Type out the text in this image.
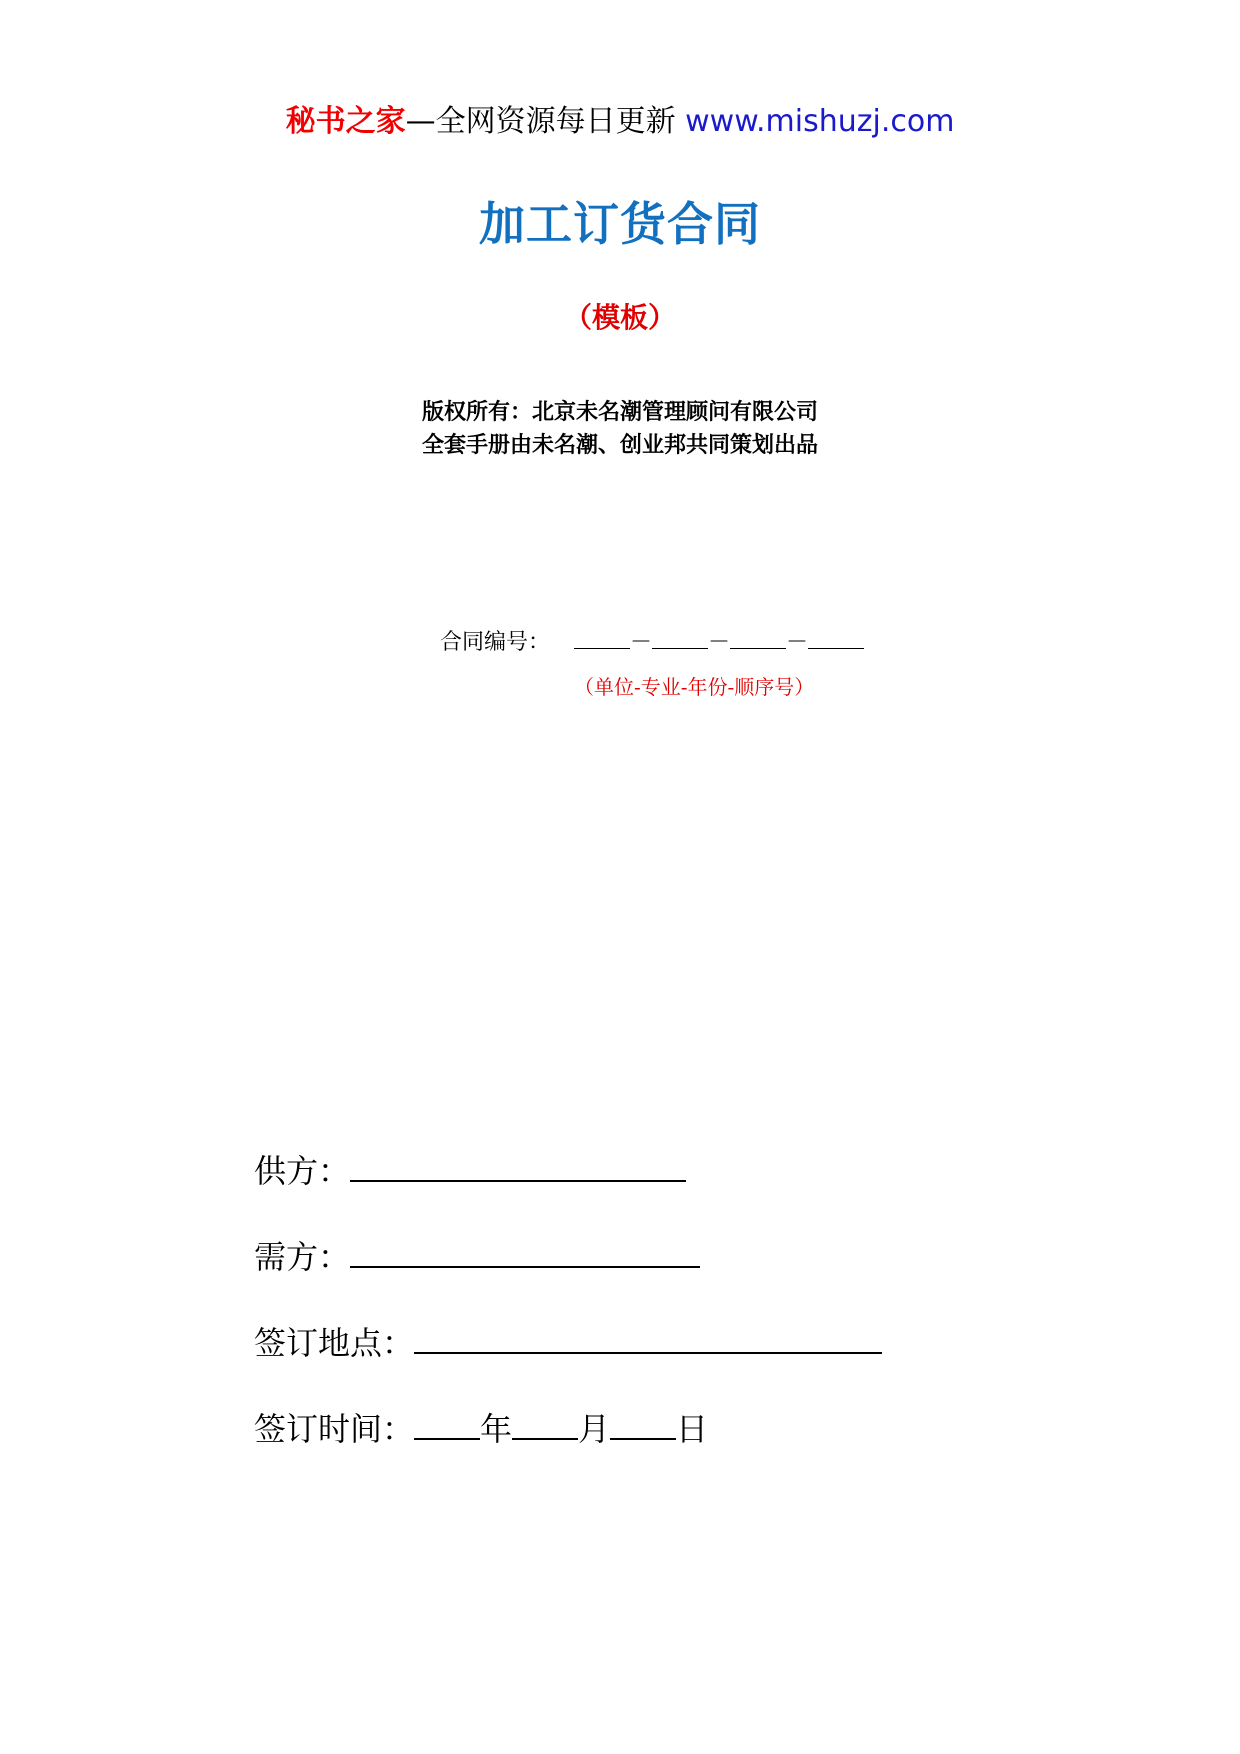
秘书之家—全网资源每日更新 www.mishuzj.com
加工订货合同
（模板）
版权所有：北京未名潮管理顾问有限公司
全套手册由未名潮、创业邦共同策划出品
合同编号：	－	－	－
（单位-专业-年份-顺序号）
供方：
需方：
签订地点：
签订时间： 年 月 日
